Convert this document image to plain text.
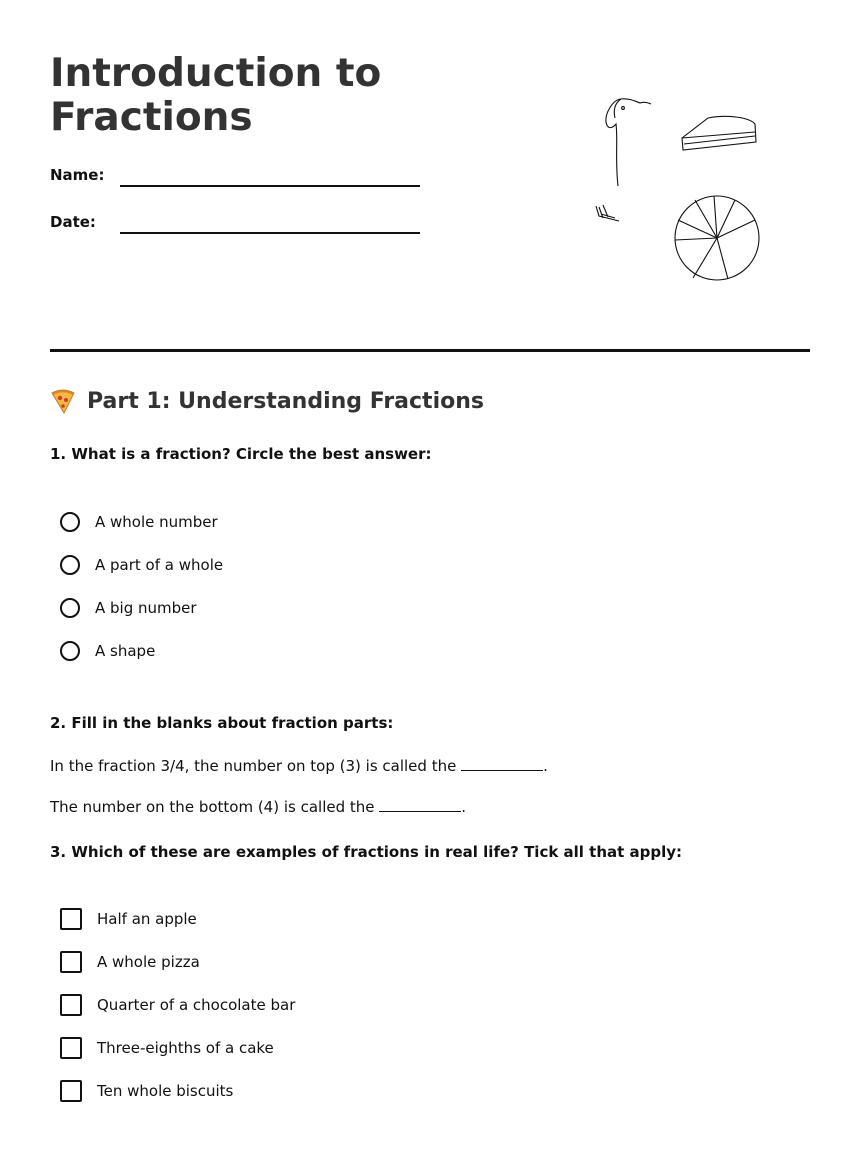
Introduction to
Fractions
Name:
Date:
Part 1: Understanding Fractions
1. What is a fraction? Circle the best answer:
A whole number
A part of a whole
A big number
A shape
2. Fill in the blanks about fraction parts:
In the fraction 3/4, the number on top (3) is called the	.
The number on the bottom (4) is called the	.
3. Which of these are examples of fractions in real life? Tick all that apply:
Half an apple
A whole pizza
Quarter of a chocolate bar
Three-eighths of a cake
Ten whole biscuits
